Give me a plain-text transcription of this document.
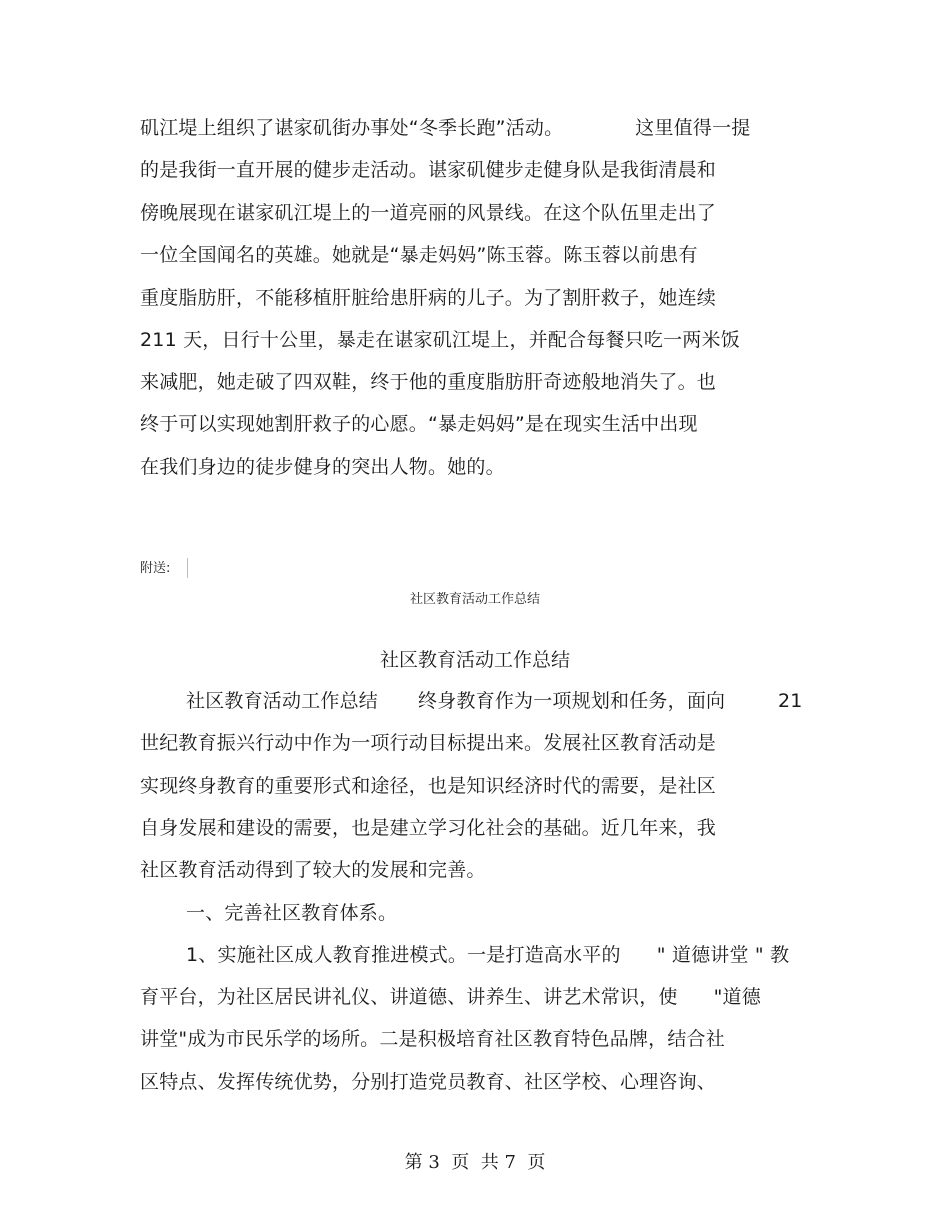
矶江堤上组织了谌家矶街办事处“冬季长跑”活动。	这里值得一提
的是我街一直开展的健步走活动。谌家矶健步走健身队是我街清晨和
傍晚展现在谌家矶江堤上的一道亮丽的风景线。在这个队伍里走出了
一位全国闻名的英雄。她就是“暴走妈妈”陈玉蓉。陈玉蓉以前患有
重度脂肪肝，不能移植肝脏给患肝病的儿子。为了割肝救子，她连续
211 天，日行十公里，暴走在谌家矶江堤上，并配合每餐只吃一两米饭
来减肥，她走破了四双鞋，终于他的重度脂肪肝奇迹般地消失了。也
终于可以实现她割肝救子的心愿。“暴走妈妈”是在现实生活中出现
在我们身边的徒步健身的突出人物。她的。
附送:
社区教育活动工作总结
社区教育活动工作总结
社区教育活动工作总结 终身教育作为一项规划和任务，面向	21
世纪教育振兴行动中作为一项行动目标提出来。发展社区教育活动是
实现终身教育的重要形式和途径，也是知识经济时代的需要，是社区
自身发展和建设的需要，也是建立学习化社会的基础。近几年来，我
社区教育活动得到了较大的发展和完善。
一、完善社区教育体系。
1、实施社区成人教育推进模式。一是打造高水平的 " 道德讲堂 " 教
育平台，为社区居民讲礼仪、讲道德、讲养生、讲艺术常识，使 "道德
讲堂"成为市民乐学的场所。二是积极培育社区教育特色品牌，结合社
区特点、发挥传统优势，分别打造党员教育、社区学校、心理咨询、
第 3  页  共 7  页
